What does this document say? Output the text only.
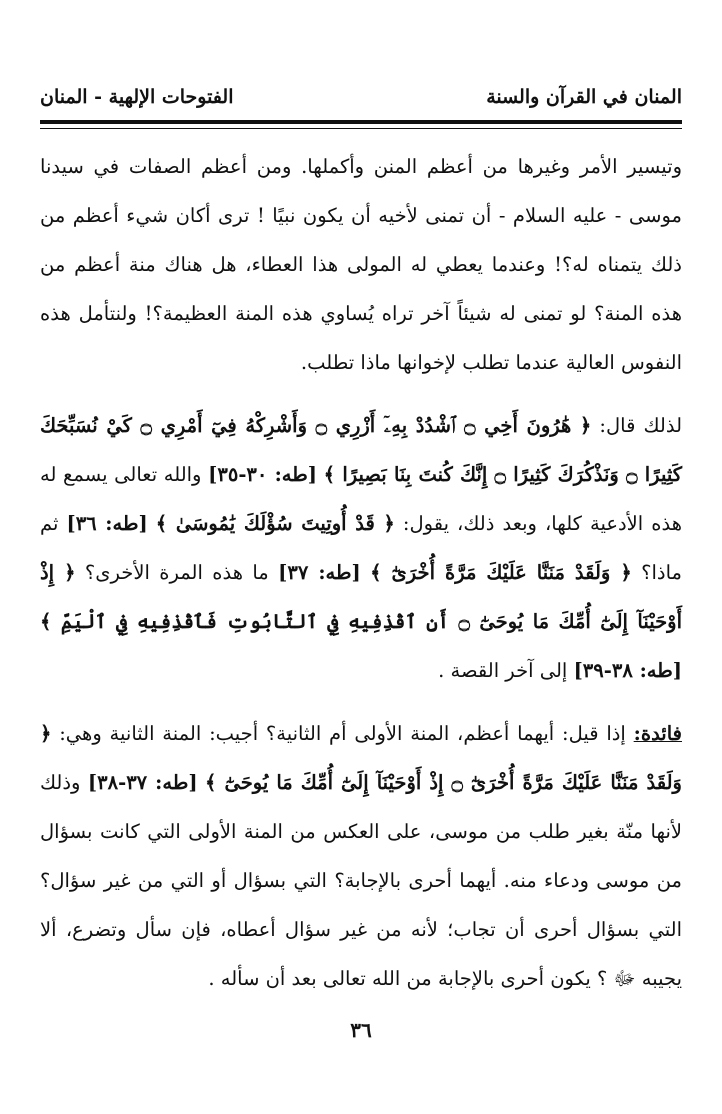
المنان في القرآن والسنة
الفتوحات الإلهية - المنان

وتيسير الأمر وغيرها من أعظم المنن وأكملها. ومن أعظم الصفات في سيدنا موسى - عليه السلام - أن تمنى لأخيه أن يكون نبيًا ! ترى أكان شيء أعظم من ذلك يتمناه له؟! وعندما يعطي له المولى هذا العطاء، هل هناك منة أعظم من هذه المنة؟ لو تمنى له شيئاً آخر تراه يُساوي هذه المنة العظيمة؟! ولنتأمل هذه النفوس العالية عندما تطلب لإخوانها ماذا تطلب.

لذلك قال: ﴿ هَٰرُونَ أَخِي ۝ ٱشْدُدْ بِهِۦٓ أَزْرِي ۝ وَأَشْرِكْهُ فِيٓ أَمْرِي ۝ كَيْ نُسَبِّحَكَ كَثِيرًا ۝ وَنَذْكُرَكَ كَثِيرًا ۝ إِنَّكَ كُنتَ بِنَا بَصِيرًا ﴾ [طه: ٣٠-٣٥] والله تعالى يسمع له هذه الأدعية كلها، وبعد ذلك، يقول: ﴿ قَدْ أُوتِيتَ سُؤْلَكَ يَٰمُوسَىٰ ﴾ [طه: ٣٦] ثم ماذا؟ ﴿ وَلَقَدْ مَنَنَّا عَلَيْكَ مَرَّةً أُخْرَىٰٓ ﴾ [طه: ٣٧] ما هذه المرة الأخرى؟ ﴿ إِذْ أَوْحَيْنَآ إِلَىٰٓ أُمِّكَ مَا يُوحَىٰٓ ۝ أَنِ ٱقْذِفِيهِ فِي ٱلتَّابُوتِ فَٱقْذِفِيهِ فِي ٱلْيَمِّ ﴾ [طه: ٣٨-٣٩] إلى آخر القصة .

فائدة: إذا قيل: أيهما أعظم، المنة الأولى أم الثانية؟ أجيب: المنة الثانية وهي: ﴿ وَلَقَدْ مَنَنَّا عَلَيْكَ مَرَّةً أُخْرَىٰٓ ۝ إِذْ أَوْحَيْنَآ إِلَىٰٓ أُمِّكَ مَا يُوحَىٰٓ ﴾ [طه: ٣٧-٣٨] وذلك لأنها منّة بغير طلب من موسى، على العكس من المنة الأولى التي كانت بسؤال من موسى ودعاء منه. أيهما أحرى بالإجابة؟ التي بسؤال أو التي من غير سؤال؟ التي بسؤال أحرى أن تجاب؛ لأنه من غير سؤال أعطاه، فإن سأل وتضرع، ألا يجيبه ﷻ ؟ يكون أحرى بالإجابة من الله تعالى بعد أن سأله .

٣٦
